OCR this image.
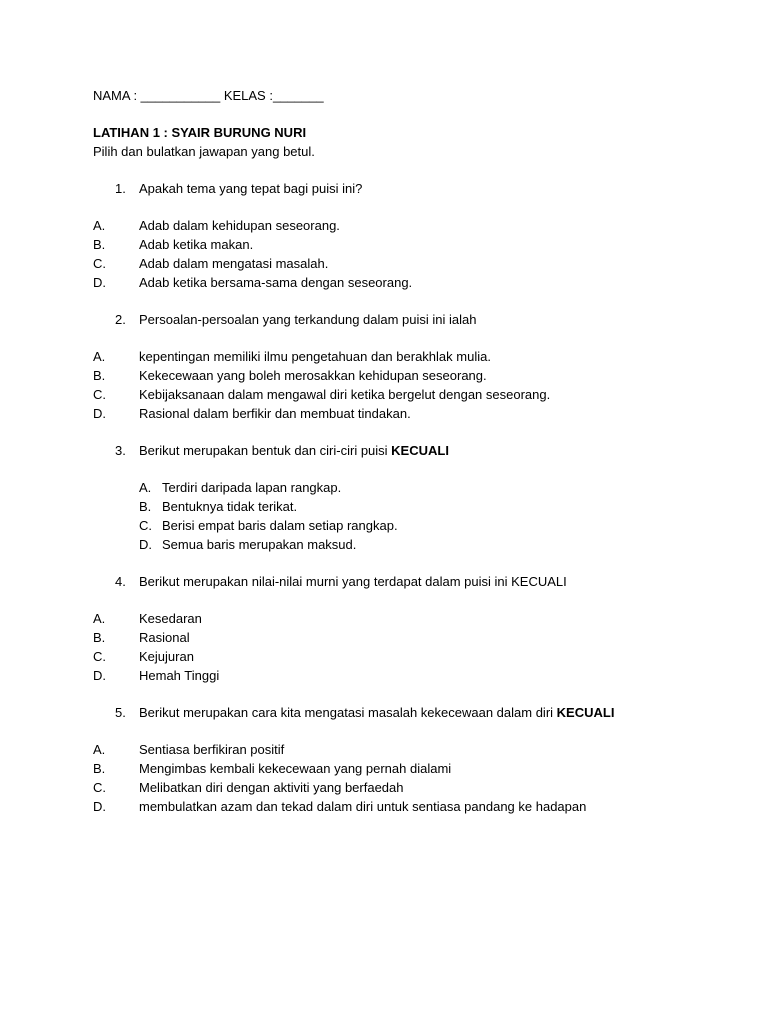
NAMA : ___________ KELAS :_______
LATIHAN 1 : SYAIR BURUNG NURI
Pilih dan bulatkan jawapan yang betul.
1. Apakah tema yang tepat bagi puisi ini?
A.	Adab dalam kehidupan seseorang.
B.	Adab ketika makan.
C.	Adab dalam mengatasi masalah.
D.	Adab ketika bersama-sama dengan seseorang.
2. Persoalan-persoalan yang terkandung dalam puisi ini ialah
A.	kepentingan memiliki ilmu pengetahuan dan berakhlak mulia.
B.	Kekecewaan yang boleh merosakkan kehidupan seseorang.
C.	Kebijaksanaan dalam mengawal diri ketika bergelut dengan seseorang.
D.	Rasional dalam berfikir dan membuat tindakan.
3. Berikut merupakan bentuk dan ciri-ciri puisi KECUALI
A. Terdiri daripada lapan rangkap.
B. Bentuknya tidak terikat.
C. Berisi empat baris dalam setiap rangkap.
D. Semua baris merupakan maksud.
4. Berikut merupakan nilai-nilai murni yang terdapat dalam puisi ini KECUALI
A.	Kesedaran
B.	Rasional
C.	Kejujuran
D.	Hemah Tinggi
5. Berikut merupakan cara kita mengatasi masalah kekecewaan dalam diri KECUALI
A.	Sentiasa berfikiran positif
B.	Mengimbas kembali kekecewaan yang pernah dialami
C.	Melibatkan diri dengan aktiviti yang berfaedah
D.	membulatkan azam dan tekad dalam diri untuk sentiasa pandang ke hadapan
